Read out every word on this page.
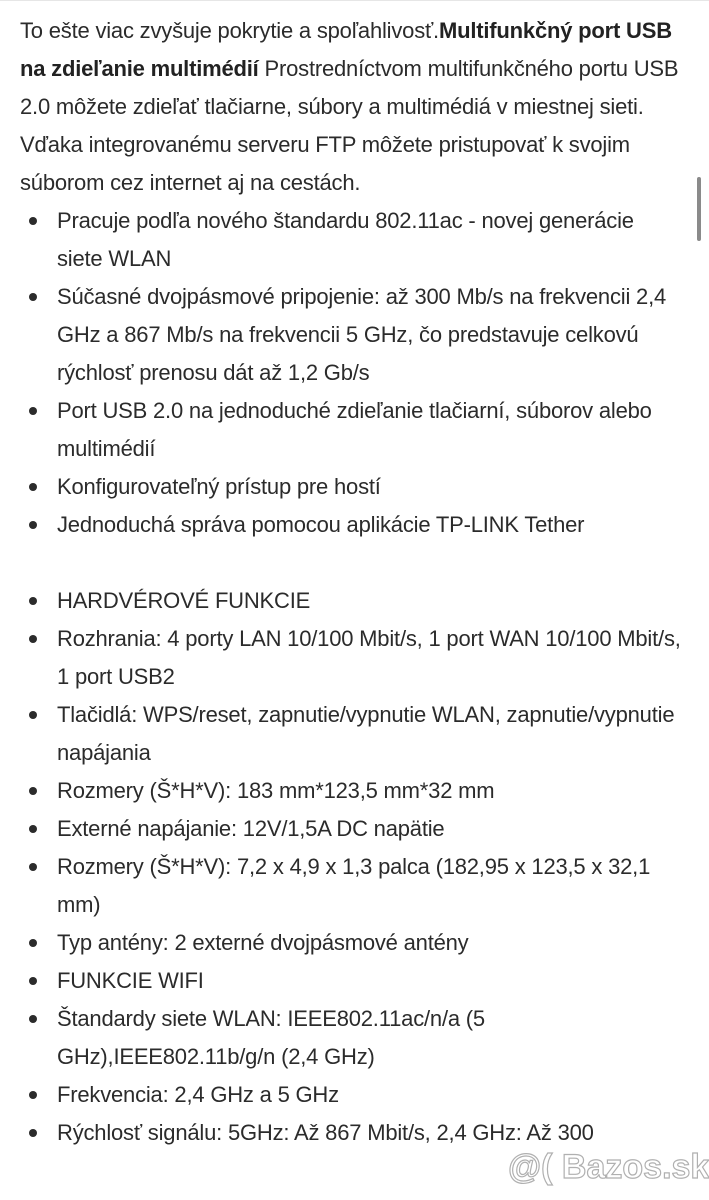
To ešte viac zvyšuje pokrytie a spoľahlivosť.Multifunkčný port USB na zdieľanie multimédií Prostredníctvom multifunkčného portu USB 2.0 môžete zdieľať tlačiarne, súbory a multimédiá v miestnej sieti. Vďaka integrovanému serveru FTP môžete pristupovať k svojim súborom cez internet aj na cestách.

Pracuje podľa nového štandardu 802.11ac - novej generácie siete WLAN
Súčasné dvojpásmové pripojenie: až 300 Mb/s na frekvencii 2,4 GHz a 867 Mb/s na frekvencii 5 GHz, čo predstavuje celkovú rýchlosť prenosu dát až 1,2 Gb/s
Port USB 2.0 na jednoduché zdieľanie tlačiarní, súborov alebo multimédií
Konfigurovateľný prístup pre hostí
Jednoduchá správa pomocou aplikácie TP-LINK Tether
HARDVÉROVÉ FUNKCIE
Rozhrania: 4 porty LAN 10/100 Mbit/s, 1 port WAN 10/100 Mbit/s, 1 port USB2
Tlačidlá: WPS/reset, zapnutie/vypnutie WLAN, zapnutie/vypnutie napájania
Rozmery (Š*H*V): 183 mm*123,5 mm*32 mm
Externé napájanie: 12V/1,5A DC napätie
Rozmery (Š*H*V): 7,2 x 4,9 x 1,3 palca (182,95 x 123,5 x 32,1 mm)
Typ antény: 2 externé dvojpásmové antény
FUNKCIE WIFI
Štandardy siete WLAN: IEEE802.11ac/n/a (5 GHz),IEEE802.11b/g/n (2,4 GHz)
Frekvencia: 2,4 GHz a 5 GHz
Rýchlosť signálu: 5GHz: Až 867 Mbit/s, 2,4 GHz: Až 300
@( Bazos.sk
